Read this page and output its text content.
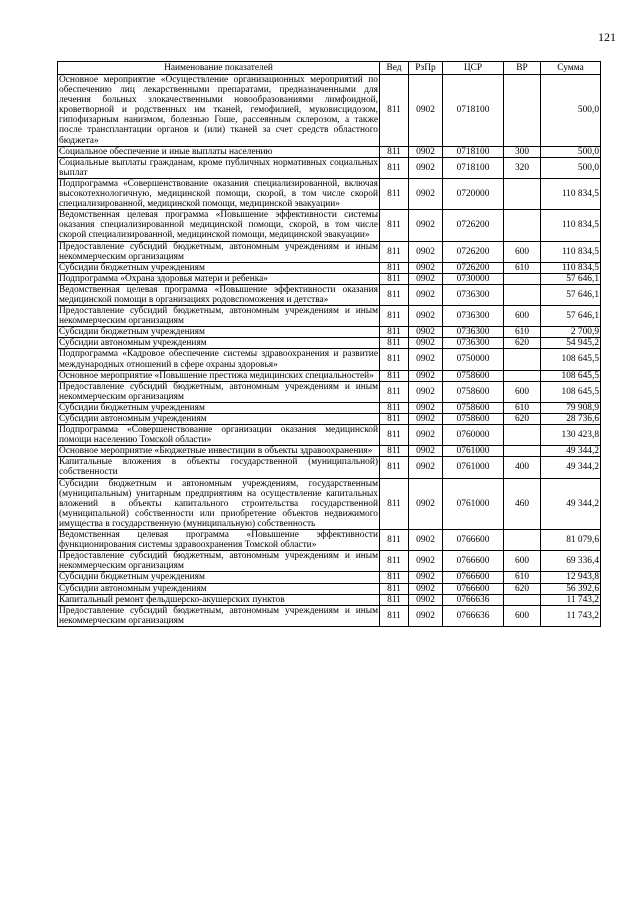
121
Наименование показателей	Вед	РзПр	ЦСР	ВР	Сумма
Основное мероприятие «Осуществление организационных мероприятий по обеспечению лиц лекарственными препаратами, предназначенными для лечения больных злокачественными новообразованиями лимфоидной, кроветворной и родственных им тканей, гемофилией, муковисцидозом, гипофизарным нанизмом, болезнью Гоше, рассеянным склерозом, а также после трансплантации органов и (или) тканей за счет средств областного бюджета»	811	0902	0718100		500,0
Социальное обеспечение и иные выплаты населению	811	0902	0718100	300	500,0
Социальные выплаты гражданам, кроме публичных нормативных социальных выплат	811	0902	0718100	320	500,0
Подпрограмма «Совершенствование оказания специализированной, включая высокотехнологичную, медицинской помощи, скорой, в том числе скорой специализированной, медицинской помощи, медицинской эвакуации»	811	0902	0720000		110 834,5
Ведомственная целевая программа «Повышение эффективности системы оказания специализированной медицинской помощи, скорой, в том числе скорой специализированной, медицинской помощи, медицинской эвакуации»	811	0902	0726200		110 834,5
Предоставление субсидий бюджетным, автономным учреждениям и иным некоммерческим организациям	811	0902	0726200	600	110 834,5
Субсидии бюджетным учреждениям	811	0902	0726200	610	110 834,5
Подпрограмма «Охрана здоровья матери и ребенка»	811	0902	0730000		57 646,1
Ведомственная целевая программа «Повышение эффективности оказания медицинской помощи в организациях родовспоможения и детства»	811	0902	0736300		57 646,1
Предоставление субсидий бюджетным, автономным учреждениям и иным некоммерческим организациям	811	0902	0736300	600	57 646,1
Субсидии бюджетным учреждениям	811	0902	0736300	610	2 700,9
Субсидии автономным учреждениям	811	0902	0736300	620	54 945,2
Подпрограмма «Кадровое обеспечение системы здравоохранения и развитие международных отношений в сфере охраны здоровья»	811	0902	0750000		108 645,5
Основное мероприятие «Повышение престижа медицинских специальностей»	811	0902	0758600		108 645,5
Предоставление субсидий бюджетным, автономным учреждениям и иным некоммерческим организациям	811	0902	0758600	600	108 645,5
Субсидии бюджетным учреждениям	811	0902	0758600	610	79 908,9
Субсидии автономным учреждениям	811	0902	0758600	620	28 736,6
Подпрограмма «Совершенствование организации оказания медицинской помощи населению Томской области»	811	0902	0760000		130 423,8
Основное мероприятие «Бюджетные инвестиции в объекты здравоохранения»	811	0902	0761000		49 344,2
Капитальные вложения в объекты государственной (муниципальной) собственности	811	0902	0761000	400	49 344,2
Субсидии бюджетным и автономным учреждениям, государственным (муниципальным) унитарным предприятиям на осуществление капитальных вложений в объекты капитального строительства государственной (муниципальной) собственности или приобретение объектов недвижимого имущества в государственную (муниципальную) собственность	811	0902	0761000	460	49 344,2
Ведомственная целевая программа «Повышение эффективности функционирования системы здравоохранения Томской области»	811	0902	0766600		81 079,6
Предоставление субсидий бюджетным, автономным учреждениям и иным некоммерческим организациям	811	0902	0766600	600	69 336,4
Субсидии бюджетным учреждениям	811	0902	0766600	610	12 943,8
Субсидии автономным учреждениям	811	0902	0766600	620	56 392,6
Капитальный ремонт фельдшерско-акушерских пунктов	811	0902	0766636		11 743,2
Предоставление субсидий бюджетным, автономным учреждениям и иным некоммерческим организациям	811	0902	0766636	600	11 743,2
